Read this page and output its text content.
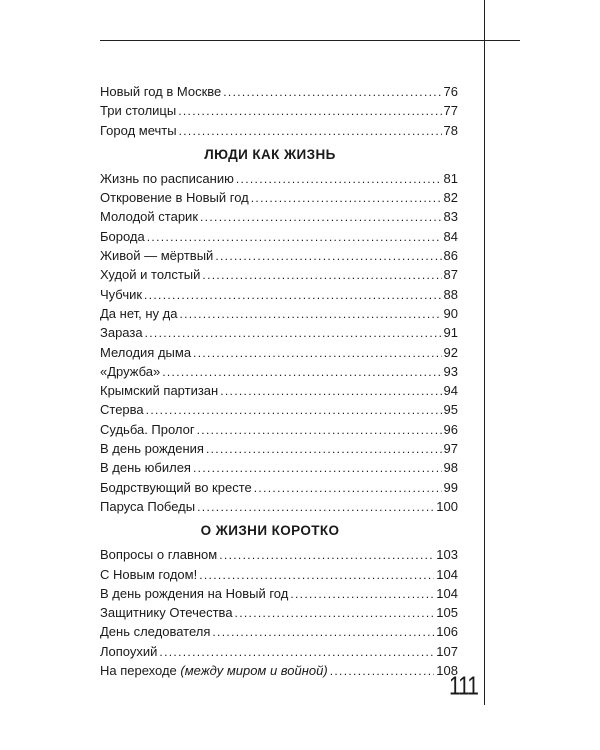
Новый год в Москве . . .	76
Три столицы . . .	77
Город мечты . . .	78
ЛЮДИ КАК ЖИЗНЬ
Жизнь по расписанию . . .	81
Откровение в Новый год . . .	82
Молодой старик . . .	83
Борода . . .	84
Живой — мёртвый . . .	86
Худой и толстый . . .	87
Чубчик . . .	88
Да нет, ну да . . .	90
Зараза . . .	91
Мелодия дыма . . .	92
«Дружба» . . .	93
Крымский партизан . . .	94
Стерва . . .	95
Судьба. Пролог . . .	96
В день рождения . . .	97
В день юбилея . . .	98
Бодрствующий во кресте . . .	99
Паруса Победы . . .	100
О ЖИЗНИ КОРОТКО
Вопросы о главном . . .	103
С Новым годом! . . .	104
В день рождения на Новый год . . .	104
Защитнику Отечества . . .	105
День следователя . . .	106
Лопоухий . . .	107
На переходе (между миром и войной) . . .	108
111
